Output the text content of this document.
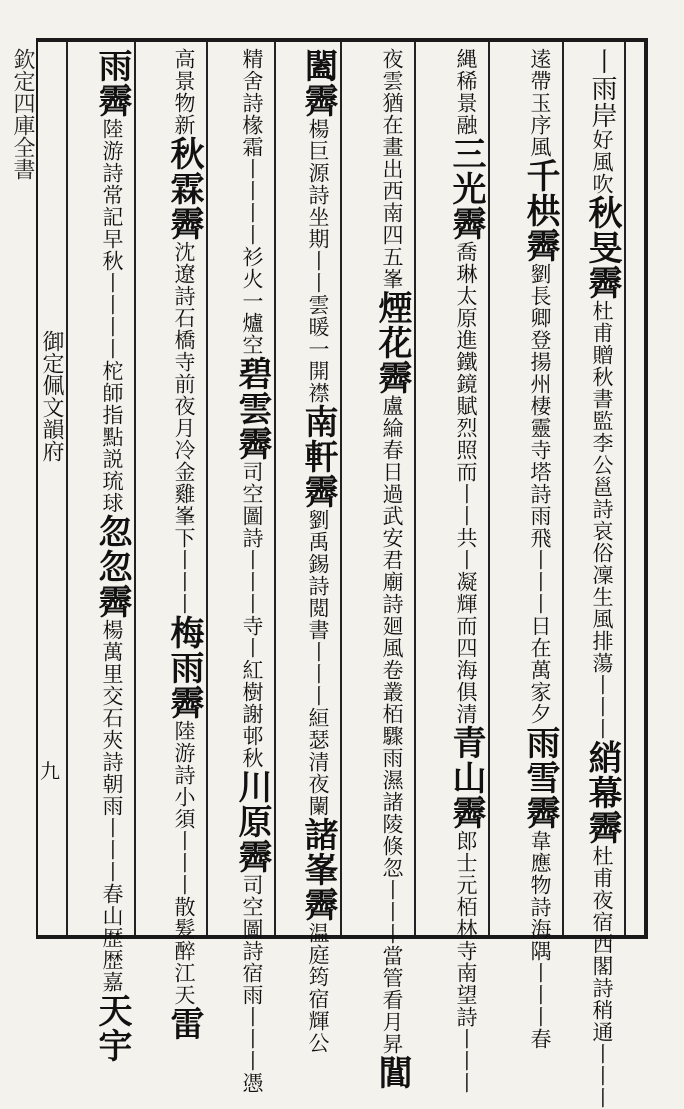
欽定四庫全書
御定佩文韻府
九
丨雨岸好風吹秋旻霽杜甫贈秋書監李公邕詩哀俗凜生風排蕩丨丨丨綃幕霽杜甫夜宿西閣詩稍通丨丨丨
逺帶玉序風千栱霽劉長卿登揚州棲靈寺塔詩雨飛丨丨丨日在萬家夕雨雪霽韋應物詩海隅丨丨丨春
縄稀景融三光霽喬琳太原進鐵鏡賦烈照而丨丨共丨凝輝而四海俱清青山霽郎士元栢林寺南望詩丨丨丨
夜雲猶在畫出西南四五峯煙花霽盧綸春日過武安君廟詩廻風卷叢栢驟雨濕諸陵倏忽丨丨丨當管看月昇閶
闔霽楊巨源詩坐期丨丨雲暖一開襟南軒霽劉禹錫詩閲書丨丨丨絙瑟清夜闌諸峯霽温庭筠宿輝公
精舍詩椽霜丨丨丨丨衫火一爐空碧雲霽司空圖詩丨丨丨寺丨紅樹謝邨秋川原霽司空圖詩宿雨丨丨丨憑
高景物新秋霖霽沈遼詩石橋寺前夜月冷金雞峯下丨丨丨梅雨霽陸游詩小須丨丨丨散髮醉江天雷
雨霽陸游詩常記早秋丨丨丨丨柁師指點説琉球忽忽霽楊萬里交石夾詩朝雨丨丨丨春山歴歴嘉天宇
